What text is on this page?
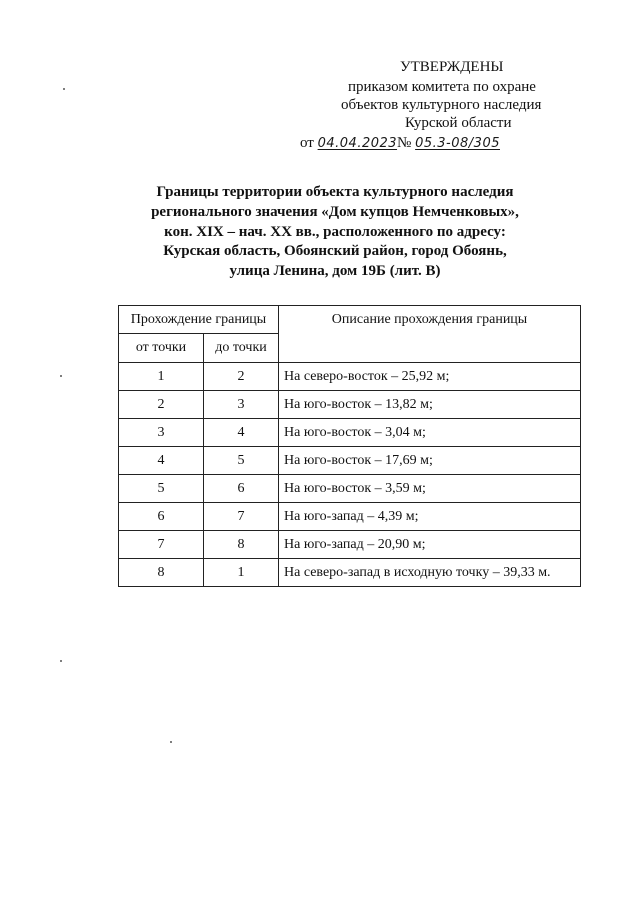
УТВЕРЖДЕНЫ
приказом комитета по охране
объектов культурного наследия
Курской области
от 04.04.2023№ 05.3-08/305
Границы территории объекта культурного наследия
регионального значения «Дом купцов Немченковых»,
кон. XIX – нач. XX вв., расположенного по адресу:
Курская область, Обоянский район, город Обоянь,
улица Ленина, дом 19Б (лит. В)
Прохождение границы		Описание прохождения границы
от точки	до точки	
1	2	На северо-восток – 25,92 м;
2	3	На юго-восток – 13,82 м;
3	4	На юго-восток – 3,04 м;
4	5	На юго-восток – 17,69 м;
5	6	На юго-восток – 3,59 м;
6	7	На юго-запад – 4,39 м;
7	8	На юго-запад – 20,90 м;
8	1	На северо-запад в исходную точку – 39,33 м.
